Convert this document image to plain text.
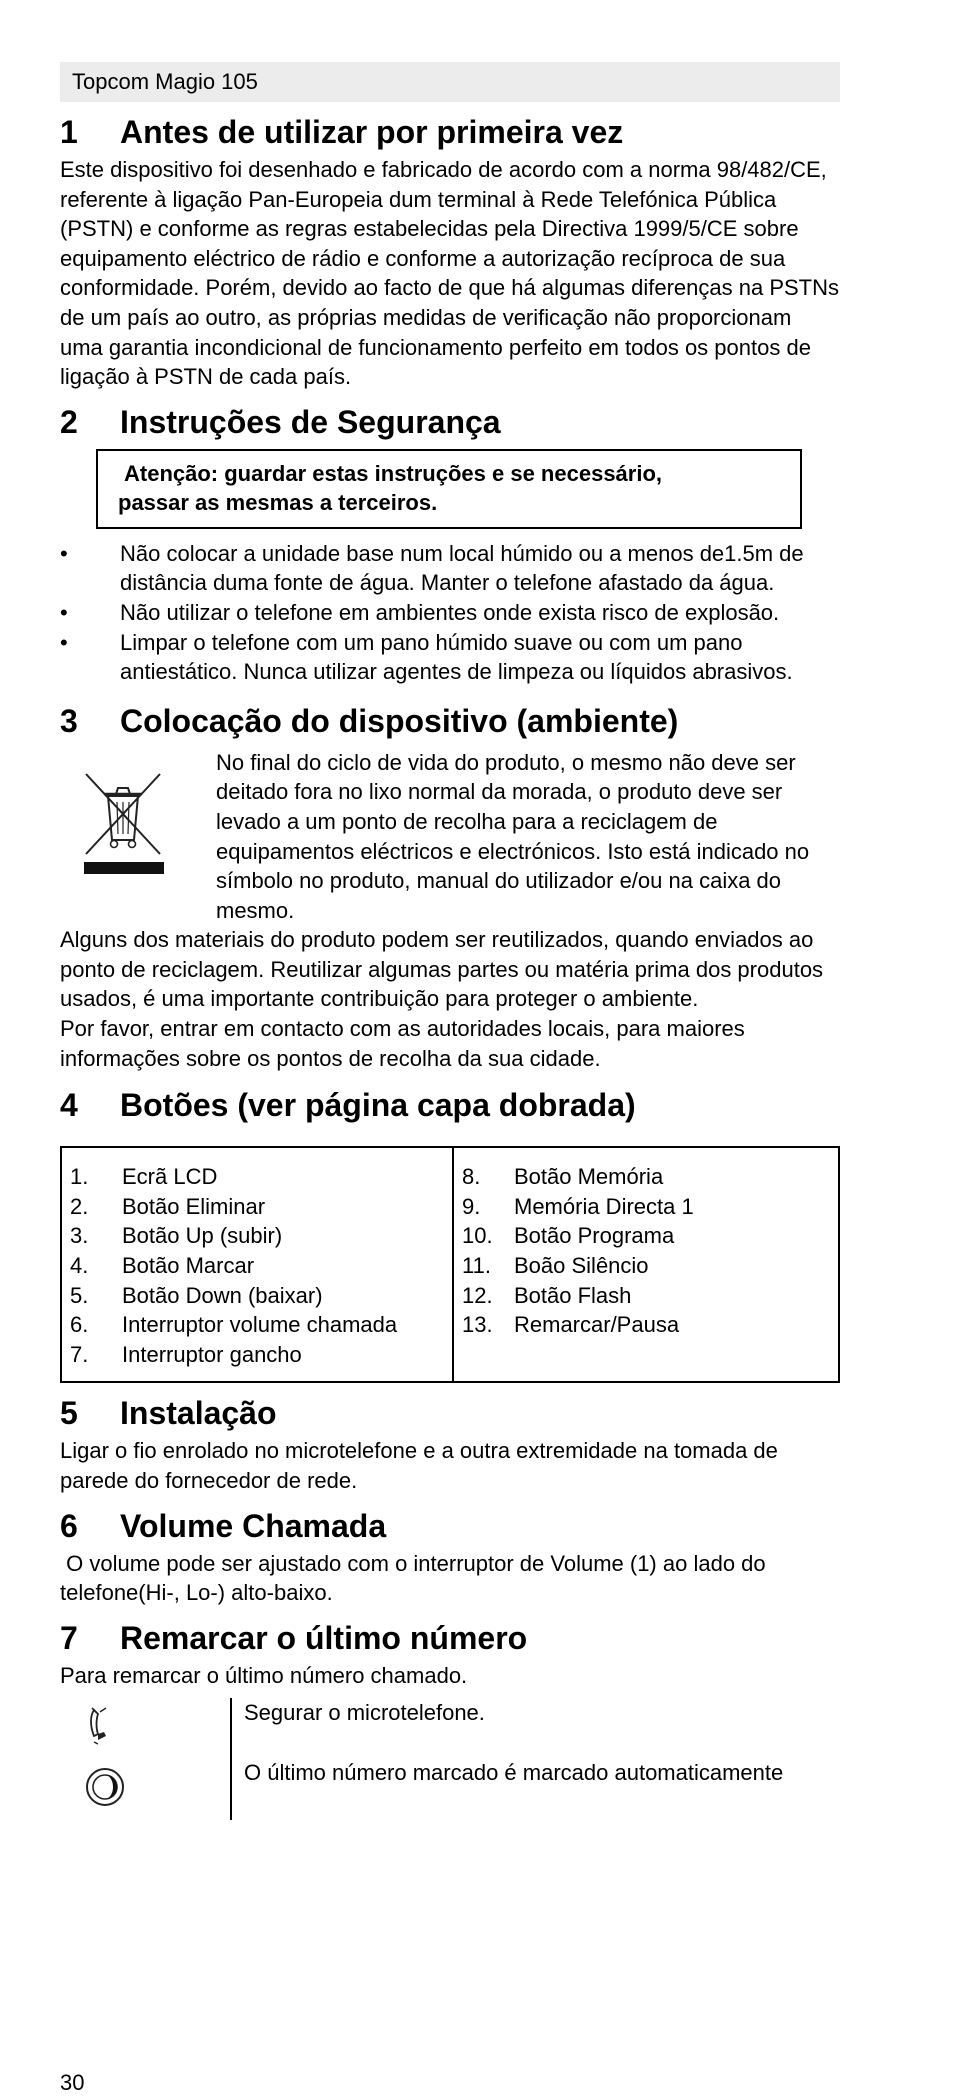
Topcom Magio 105
1	Antes de utilizar por primeira vez

Este dispositivo foi desenhado e fabricado de acordo com a norma 98/482/CE, referente à ligação Pan-Europeia dum terminal à Rede Telefónica Pública (PSTN) e conforme as regras estabelecidas pela Directiva 1999/5/CE sobre equipamento eléctrico de rádio e conforme a autorização recíproca de sua conformidade. Porém, devido ao facto de que há algumas diferenças na PSTNs de um país ao outro, as próprias medidas de verificação não proporcionam uma garantia incondicional de funcionamento perfeito em todos os pontos de ligação à PSTN de cada país.

2	Instruções de Segurança
Atenção: guardar estas instruções e se necessário,
passar as mesmas a terceiros.
• Não colocar a unidade base num local húmido ou a menos de1.5m de distância duma fonte de água. Manter o telefone afastado da água.
• Não utilizar o telefone em ambientes onde exista risco de explosão.
• Limpar o telefone com um pano húmido suave ou com um pano antiestático. Nunca utilizar agentes de limpeza ou líquidos abrasivos.
3	Colocação do dispositivo (ambiente)

No final do ciclo de vida do produto, o mesmo não deve ser deitado fora no lixo normal da morada, o produto deve ser levado a um ponto de recolha para a reciclagem de equipamentos eléctricos e electrónicos. Isto está indicado no símbolo no produto, manual do utilizador e/ou na caixa do mesmo.

Alguns dos materiais do produto podem ser reutilizados, quando enviados ao ponto de reciclagem. Reutilizar algumas partes ou matéria prima dos produtos usados, é uma importante contribuição para proteger o ambiente.

Por favor, entrar em contacto com as autoridades locais, para maiores informações sobre os pontos de recolha da sua cidade.

4	Botões (ver página capa dobrada)
1.	Ecrã LCD
2.	Botão Eliminar
3.	Botão Up (subir)
4.	Botão Marcar
5.	Botão Down (baixar)
6.	Interruptor volume chamada
7.	Interruptor gancho

8.	Botão Memória
9.	Memória Directa 1
10. Botão Programa
11.	Boão Silêncio
12. Botão Flash
13. Remarcar/Pausa
5	Instalação

Ligar o fio enrolado no microtelefone e a outra extremidade na tomada de parede do fornecedor de rede.

6	Volume Chamada

O volume pode ser ajustado com o interruptor de Volume (1) ao lado do telefone(Hi-, Lo-) alto-baixo.

7	Remarcar o último número

Para remarcar o último número chamado.

Segurar o microtelefone.
O último número marcado é marcado automaticamente
30
